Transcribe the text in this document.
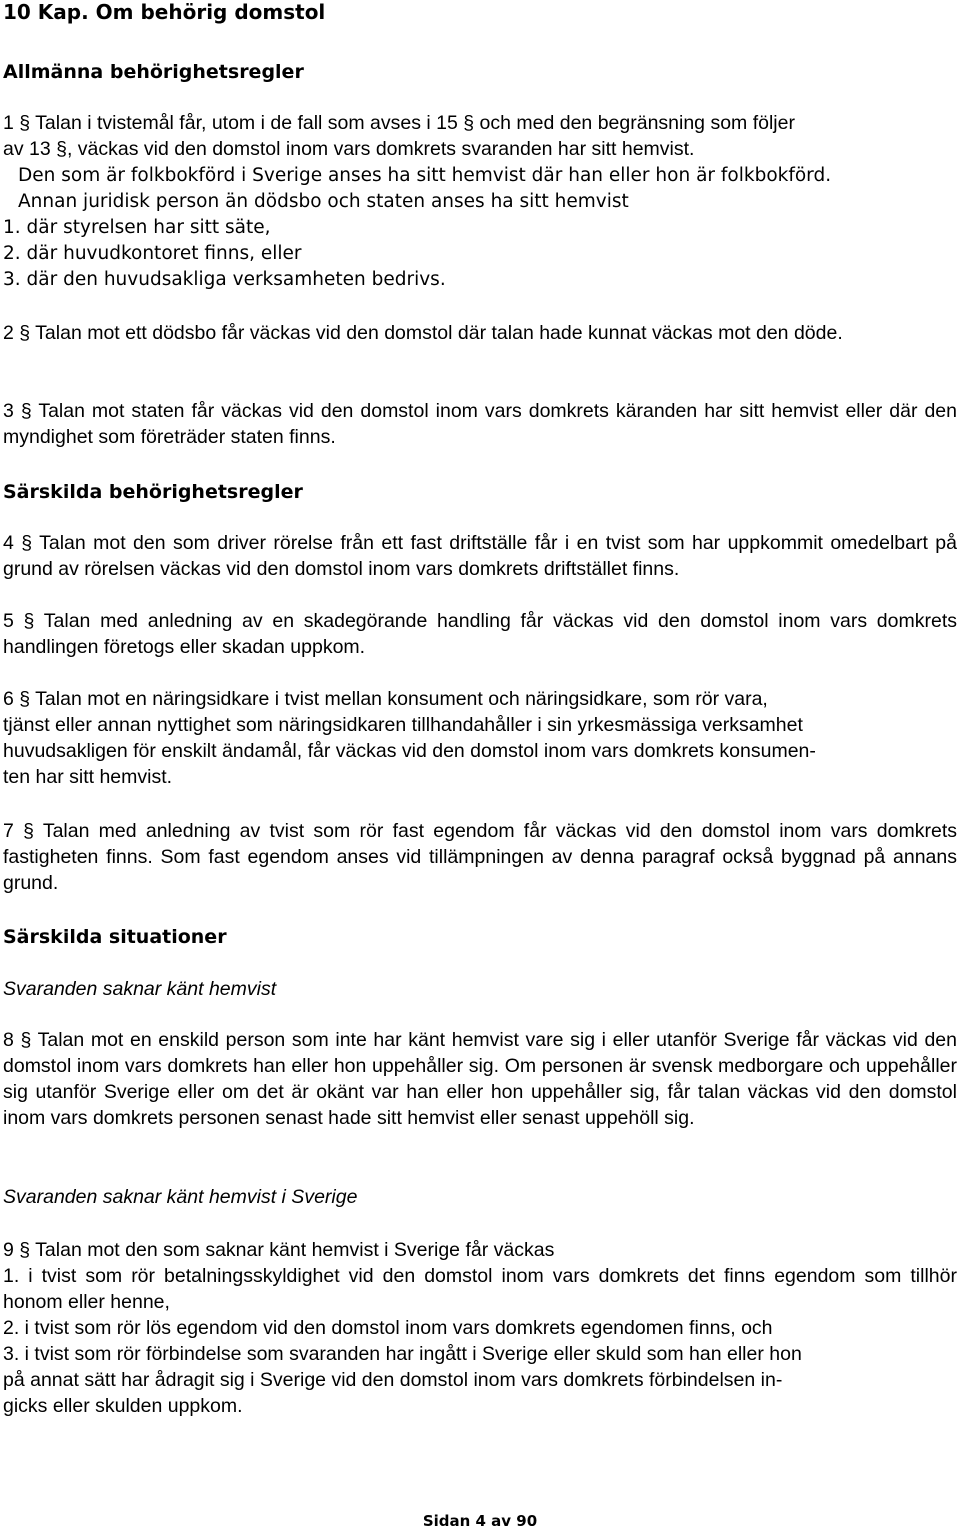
10 Kap. Om behörig domstol
Allmänna behörighetsregler
1 § Talan i tvistemål får, utom i de fall som avses i 15 § och med den begränsning som följer
av 13 §, väckas vid den domstol inom vars domkrets svaranden har sitt hemvist.
Den som är folkbokförd i Sverige anses ha sitt hemvist där han eller hon är folkbokförd.
Annan juridisk person än dödsbo och staten anses ha sitt hemvist
1. där styrelsen har sitt säte,
2. där huvudkontoret finns, eller
3. där den huvudsakliga verksamheten bedrivs.
2 § Talan mot ett dödsbo får väckas vid den domstol där talan hade kunnat väckas mot den döde.
3 § Talan mot staten får väckas vid den domstol inom vars domkrets käranden har sitt hemvist eller där den myndighet som företräder staten finns.
Särskilda behörighetsregler
4 § Talan mot den som driver rörelse från ett fast driftställe får i en tvist som har uppkommit omedelbart på grund av rörelsen väckas vid den domstol inom vars domkrets driftstället finns.
5 § Talan med anledning av en skadegörande handling får väckas vid den domstol inom vars domkrets handlingen företogs eller skadan uppkom.
6 § Talan mot en näringsidkare i tvist mellan konsument och näringsidkare, som rör vara,
tjänst eller annan nyttighet som näringsidkaren tillhandahåller i sin yrkesmässiga verksamhet
huvudsakligen för enskilt ändamål, får väckas vid den domstol inom vars domkrets konsumen-
ten har sitt hemvist.
7 § Talan med anledning av tvist som rör fast egendom får väckas vid den domstol inom vars domkrets fastigheten finns. Som fast egendom anses vid tillämpningen av denna paragraf också byggnad på annans grund.
Särskilda situationer
Svaranden saknar känt hemvist
8 § Talan mot en enskild person som inte har känt hemvist vare sig i eller utanför Sverige får väckas vid den domstol inom vars domkrets han eller hon uppehåller sig. Om personen är svensk medborgare och uppehåller sig utanför Sverige eller om det är okänt var han eller hon uppehåller sig, får talan väckas vid den domstol inom vars domkrets personen senast hade sitt hemvist eller senast uppehöll sig.
Svaranden saknar känt hemvist i Sverige
9 § Talan mot den som saknar känt hemvist i Sverige får väckas
1. i tvist som rör betalningsskyldighet vid den domstol inom vars domkrets det finns egendom som tillhör honom eller henne,
2. i tvist som rör lös egendom vid den domstol inom vars domkrets egendomen finns, och
3. i tvist som rör förbindelse som svaranden har ingått i Sverige eller skuld som han eller hon
på annat sätt har ådragit sig i Sverige vid den domstol inom vars domkrets förbindelsen in-
gicks eller skulden uppkom.
Sidan 4 av 90
